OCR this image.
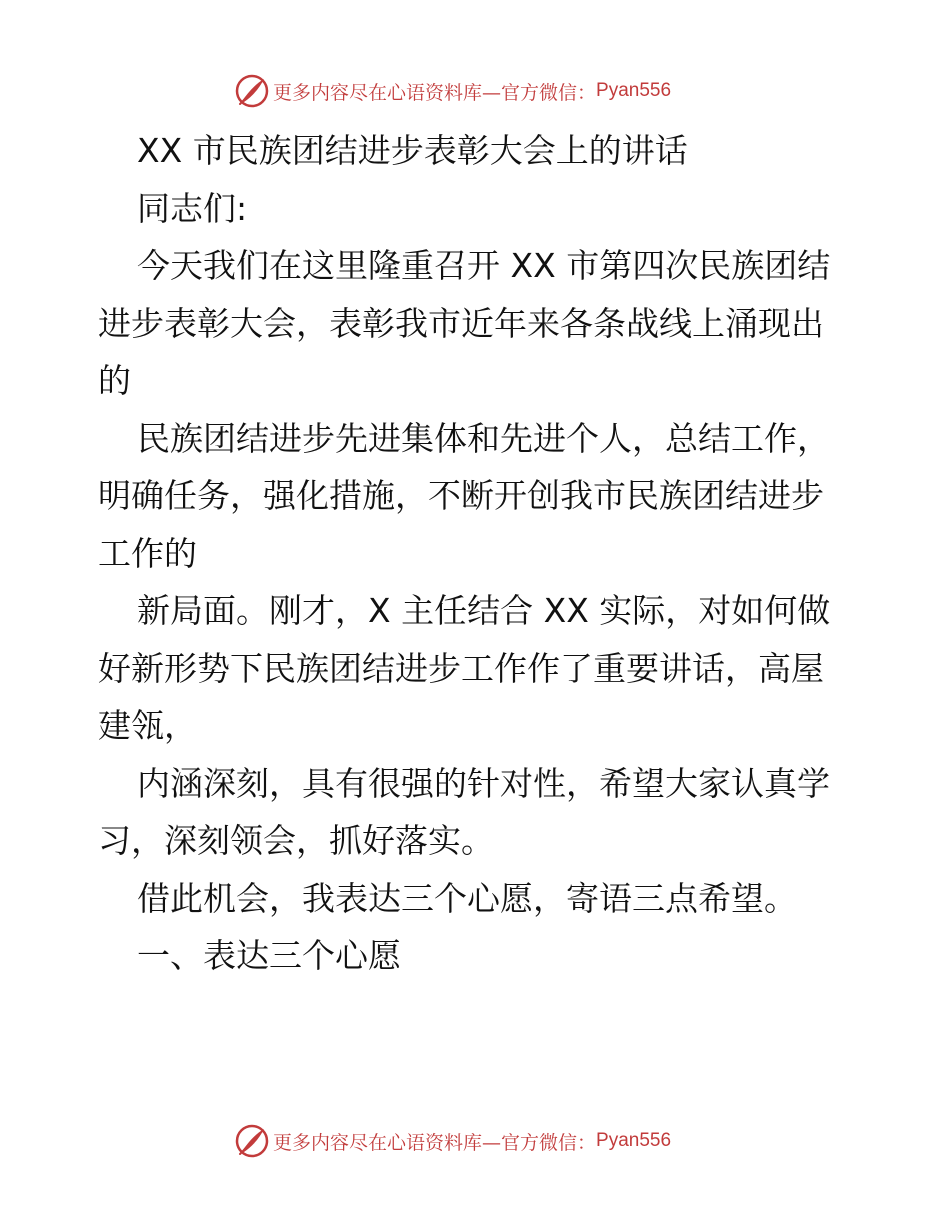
更多内容尽在心语资料库—官方微信： Pyan556

XX 市民族团结进步表彰大会上的讲话

同志们:

今天我们在这里隆重召开 XX 市第四次民族团结

进步表彰大会，表彰我市近年来各条战线上涌现出

的

民族团结进步先进集体和先进个人，总结工作，

明确任务，强化措施，不断开创我市民族团结进步

工作的

新局面。刚才，X 主任结合 XX 实际，对如何做

好新形势下民族团结进步工作作了重要讲话，高屋

建瓴，

内涵深刻，具有很强的针对性，希望大家认真学

习，深刻领会，抓好落实。

借此机会，我表达三个心愿，寄语三点希望。

一、表达三个心愿

更多内容尽在心语资料库—官方微信： Pyan556
